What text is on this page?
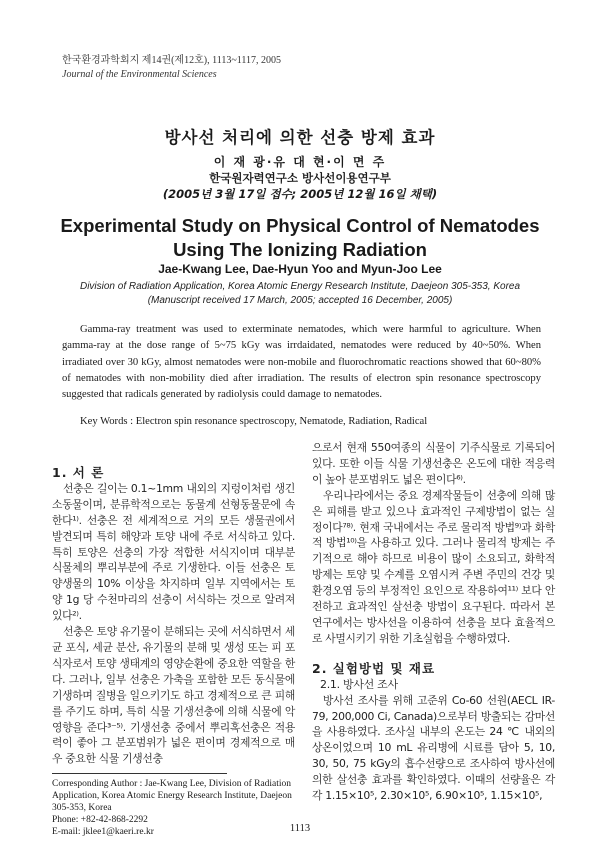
한국환경과학회지 제14권(제12호), 1113~1117, 2005
Journal of the Environmental Sciences
방사선 처리에 의한 선충 방제 효과
이 재 광·유 대 현·이 면 주
한국원자력연구소 방사선이용연구부
(2005년 3월 17일 접수; 2005년 12월 16일 채택)
Experimental Study on Physical Control of Nematodes
Using The Ionizing Radiation
Jae-Kwang Lee, Dae-Hyun Yoo and Myun-Joo Lee
Division of Radiation Application, Korea Atomic Energy Research Institute, Daejeon 305-353, Korea
(Manuscript received 17 March, 2005; accepted 16 December, 2005)
Gamma-ray treatment was used to exterminate nematodes, which were harmful to agriculture. When gamma-ray at the dose range of 5~75 kGy was irrdaidated, nematodes were reduced by 40~50%. When irradiated over 30 kGy, almost nematodes were non-mobile and fluorochromatic reactions showed that 60~80% of nematodes with non-mobility died after irradiation. The results of electron spin resonance spectroscopy suggested that radicals generated by radiolysis could damage to nematodes.
Key Words : Electron spin resonance spectroscopy, Nematode, Radiation, Radical

1. 서 론

선충은 길이는 0.1~1mm 내외의 지렁이처럼 생긴 소동물이며, 분류학적으로는 동물계 선형동물문에 속한다¹⁾. 선충은 전 세계적으로 거의 모든 생물권에서 발견되며 특히 해양과 토양 내에 주로 서식하고 있다. 특히 토양은 선충의 가장 적합한 서식지이며 대부분 식물체의 뿌리부분에 주로 기생한다. 이들 선충은 토양생물의 10% 이상을 차지하며 일부 지역에서는 토양 1g 당 수천마리의 선충이 서식하는 것으로 알려져 있다²⁾.

선충은 토양 유기물이 분해되는 곳에 서식하면서 세균 포식, 세균 분산, 유기물의 분해 및 생성 또는 피 포식자로서 토양 생태계의 영양순환에 중요한 역할을 한다. 그러나, 일부 선충은 가축을 포함한 모든 동식물에 기생하며 질병을 일으키기도 하고 경제적으로 큰 피해를 주기도 하며, 특히 식물 기생선충에 의해 식물에 악영향을 준다³⁻⁵⁾. 기생선충 중에서 뿌리혹선충은 적용력이 좋아 그 분포범위가 넓은 편이며 경제적으로 매우 중요한 식물 기생선충

으로서 현재 550여종의 식물이 기주식물로 기록되어 있다. 또한 이들 식물 기생선충은 온도에 대한 적응력이 높아 분포범위도 넓은 편이다⁶⁾.

우리나라에서는 중요 경제작물들이 선충에 의해 많은 피해를 받고 있으나 효과적인 구제방법이 없는 실정이다⁷⁸⁾. 현재 국내에서는 주로 물리적 방법⁹⁾과 화학적 방법¹⁰⁾을 사용하고 있다. 그러나 물리적 방제는 주기적으로 해야 하므로 비용이 많이 소요되고, 화학적 방제는 토양 및 수계를 오염시켜 주변 주민의 건강 및 환경오염 등의 부정적인 요인으로 작용하여¹¹⁾ 보다 안전하고 효과적인 살선충 방법이 요구된다. 따라서 본 연구에서는 방사선을 이용하여 선충을 보다 효율적으로 사멸시키기 위한 기초실험을 수행하였다.

2. 실험방법 및 재료

2.1. 방사선 조사

방사선 조사를 위해 고준위 Co-60 선원(AECL IR-79, 200,000 Ci, Canada)으로부터 방출되는 감마선을 사용하였다. 조사실 내부의 온도는 24 ℃ 내외의 상온이었으며 10 mL 유리병에 시료를 담아 5, 10, 30, 50, 75 kGy의 흡수선량으로 조사하여 방사선에 의한 살선충 효과를 확인하였다. 이때의 선량율은 각각 1.15×10⁵, 2.30×10⁵, 6.90×10⁵, 1.15×10⁵,

Corresponding Author : Jae-Kwang Lee, Division of Radiation
Application, Korea Atomic Energy Research Institute, Daejeon
305-353, Korea
Phone: +82-42-868-2292
E-mail: jklee1@kaeri.re.kr	1113
